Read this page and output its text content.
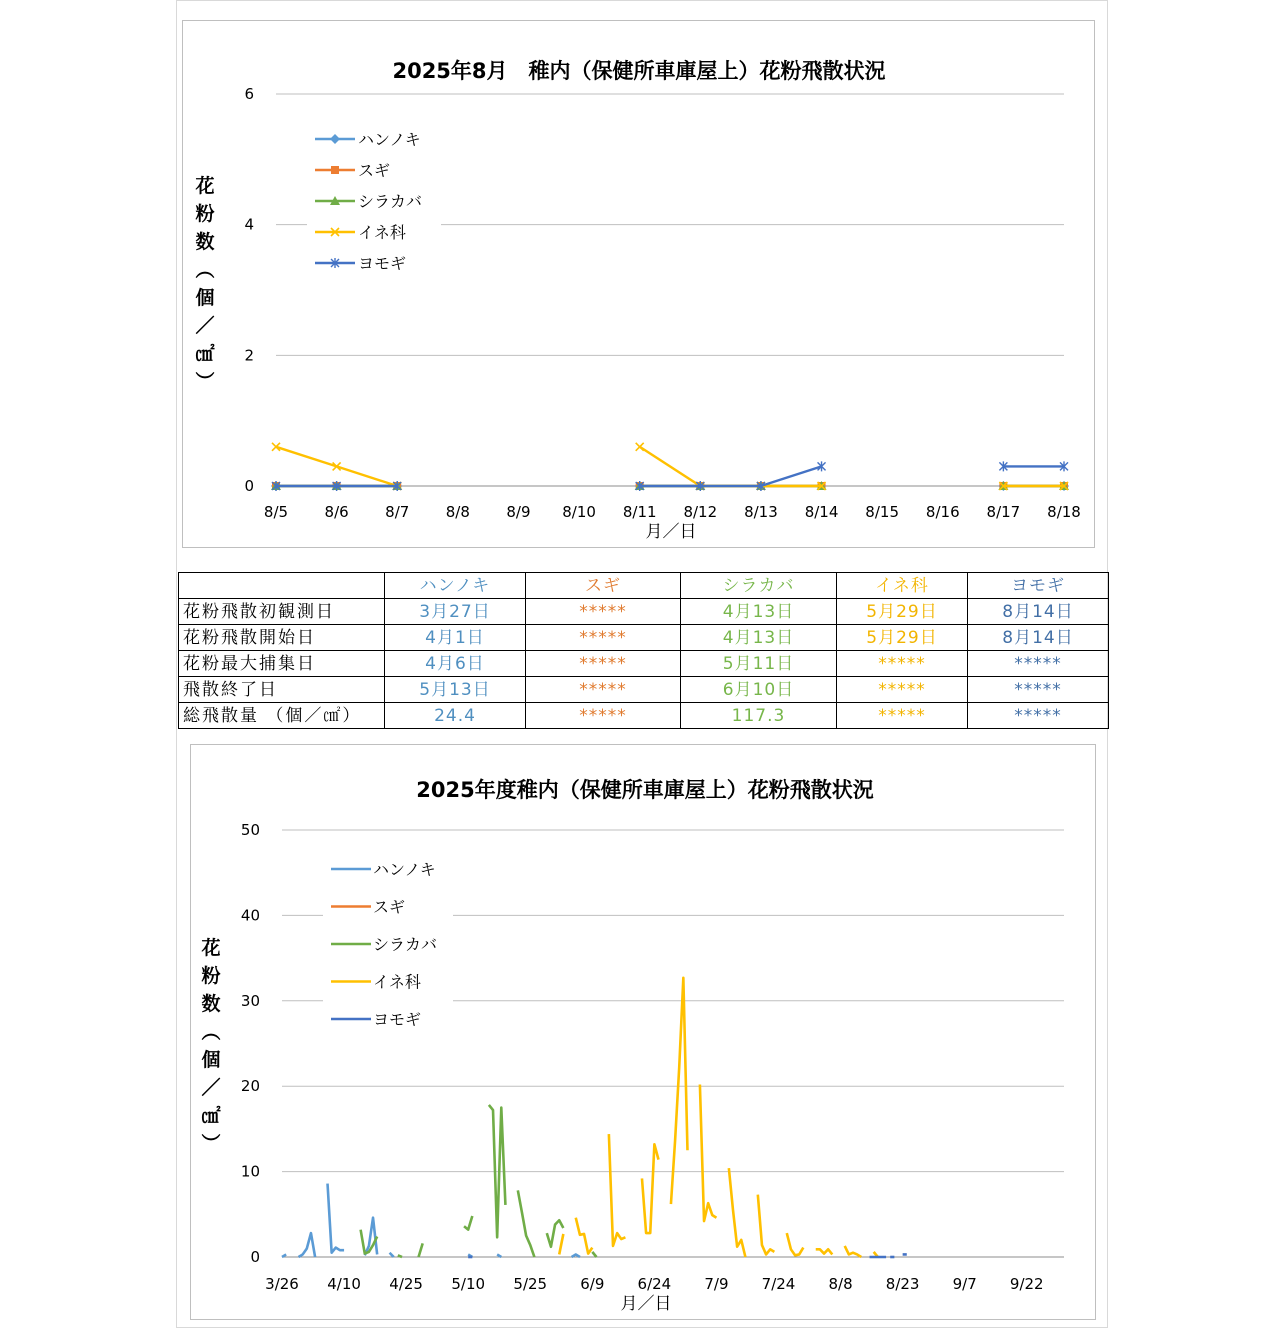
2025年8月　稚内（保健所車庫屋上）花粉飛散状況
0
2
4
6
8/5 8/6 8/7 8/8 8/9 8/10 8/11 8/12 8/13 8/14 8/15 8/16 8/17 8/18
花
粉
数
︵
個
／
㎠
︶
月／日
ハンノキ
スギ
シラカバ
イネ科
ヨモギ
	ハンノキ	スギ	シラカバ	イネ科	ヨモギ
花粉飛散初観測日	3月27日	*****	4月13日	5月29日	8月14日
花粉飛散開始日	4月1日	*****	4月13日	5月29日	8月14日
花粉最大捕集日	4月6日	*****	5月11日	*****	*****
飛散終了日	5月13日	*****	6月10日	*****	*****
総飛散量 （個／㎠）	24.4	*****	117.3	*****	*****
2025年度稚内（保健所車庫屋上）花粉飛散状況
0
10
20
30
40
50
3/26 4/10 4/25 5/10 5/25 6/9 6/24 7/9 7/24 8/8 8/23 9/7 9/22
花
粉
数
︵
個
／
㎠
︶
月／日
ハンノキ
スギ
シラカバ
イネ科
ヨモギ
